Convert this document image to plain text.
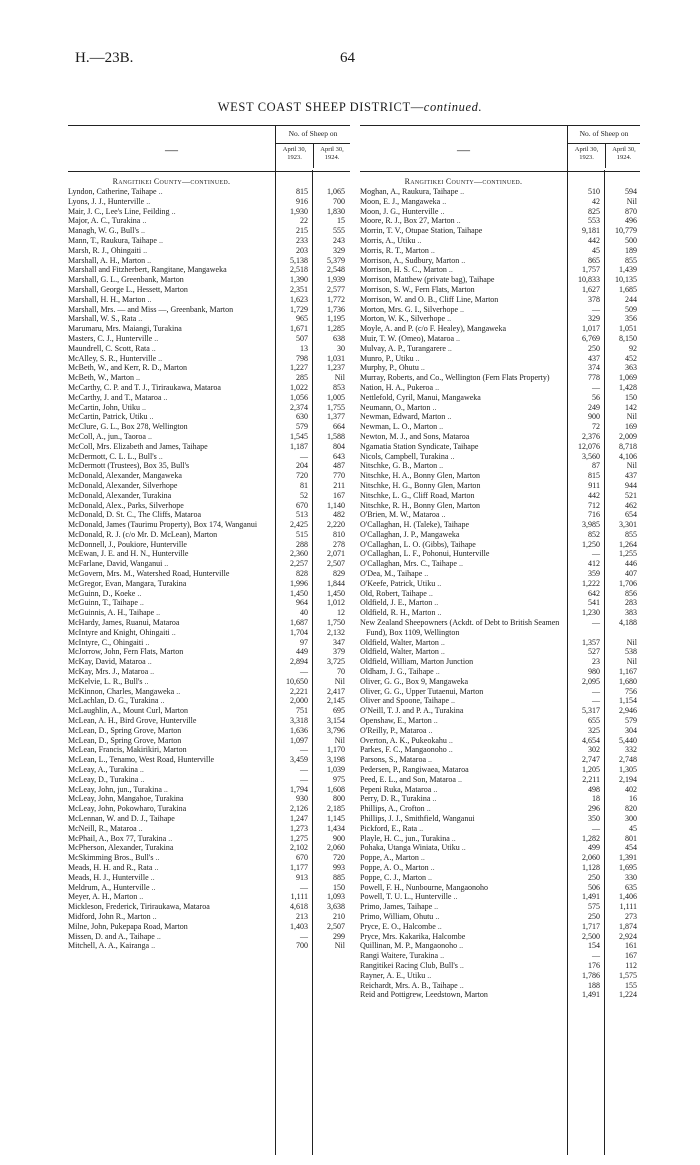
H.—23B.	64
WEST COAST SHEEP DISTRICT—continued.
—
No. of Sheep on
April 30,
1923.
April 30,
1924.
Rangitikei County—continued.
Lyndon, Catherine, Taihape ..	815	1,065
Lyons, J. J., Hunterville ..	916	700
Mair, J. C., Lee's Line, Feilding ..	1,930	1,830
Major, A. C., Turakina ..	22	15
Managh, W. G., Bull's ..	215	555
Mann, T., Raukura, Taihape ..	233	243
Marsh, R. J., Ohingaiti ..	203	329
Marshall, A. H., Marton ..	5,138	5,379
Marshall and Fitzherbert, Rangitane, Mangaweka	2,518	2,548
Marshall, G. L., Greenbank, Marton	1,390	1,939
Marshall, George L., Hessett, Marton	2,351	2,577
Marshall, H. H., Marton ..	1,623	1,772
Marshall, Mrs. — and Miss —, Greenbank, Marton	1,729	1,736
Marshall, W. S., Rata ..	965	1,195
Marumaru, Mrs. Maiangi, Turakina	1,671	1,285
Masters, C. J., Hunterville ..	507	638
Maundrell, C. Scott, Rata ..	13	30
McAlley, S. R., Hunterville ..	798	1,031
McBeth, W., and Kerr, R. D., Marton	1,227	1,237
McBeth, W., Marton ..	285	Nil
McCarthy, C. P. and T. J., Tiriraukawa, Mataroa	1,022	853
McCarthy, J. and T., Mataroa ..	1,056	1,005
McCartin, John, Utiku ..	2,374	1,755
McCartin, Patrick, Utiku ..	630	1,377
McClure, G. L., Box 278, Wellington	579	664
McColl, A., jun., Taoroa ..	1,545	1,588
McColl, Mrs. Elizabeth and James, Taihape	1,187	804
McDermott, C. L. L., Bull's ..	—	643
McDermott (Trustees), Box 35, Bull's	204	487
McDonald, Alexander, Mangaweka	720	770
McDonald, Alexander, Silverhope	81	211
McDonald, Alexander, Turakina	52	167
McDonald, Alex., Parks, Silverhope	670	1,140
McDonald, D. St. C., The Cliffs, Mataroa	513	482
McDonald, James (Taurimu Property), Box 174, Wanganui	2,425	2,220
McDonald, R. J. (c/o Mr. D. McLean), Marton	515	810
McDonnell, J., Poukiore, Hunterville	288	278
McEwan, J. E. and H. N., Hunterville	2,360	2,071
McFarlane, David, Wanganui ..	2,257	2,507
McGovern, Mrs. M., Watershed Road, Hunterville	828	829
McGregor, Evan, Mangara, Turakina	1,996	1,844
McGuinn, D., Koeke ..	1,450	1,450
McGuinn, T., Taihape ..	964	1,012
McGuinnis, A. H., Taihape ..	40	12
McHardy, James, Ruanui, Mataroa	1,687	1,750
McIntyre and Knight, Ohingaiti ..	1,704	2,132
McIntyre, C., Ohingaiti ..	97	347
McJorrow, John, Fern Flats, Marton	449	379
McKay, David, Mataroa ..	2,894	3,725
McKay, Mrs. J., Mataroa ..	—	70
McKelvie, L. R., Bull's ..	10,650	Nil
McKinnon, Charles, Mangaweka ..	2,221	2,417
McLachlan, D. G., Turakina ..	2,000	2,145
McLaughlin, A., Mount Curl, Marton	751	695
McLean, A. H., Bird Grove, Hunterville	3,318	3,154
McLean, D., Spring Grove, Marton	1,636	3,796
McLean, D., Spring Grove, Marton	1,097	Nil
McLean, Francis, Makirikiri, Marton	—	1,170
McLean, L., Tenamo, West Road, Hunterville	3,459	3,198
McLeay, A., Turakina ..	—	1,039
McLeay, D., Turakina ..	—	975
McLeay, John, jun., Turakina ..	1,794	1,608
McLeay, John, Mangahoe, Turakina	930	800
McLeay, John, Pokowharo, Turakina	2,126	2,185
McLennan, W. and D. J., Taihape	1,247	1,145
McNeill, R., Mataroa ..	1,273	1,434
McPhail, A., Box 77, Turakina ..	1,275	900
McPherson, Alexander, Turakina	2,102	2,060
McSkimming Bros., Bull's ..	670	720
Meads, H. H. and R., Rata ..	1,177	993
Meads, H. J., Hunterville ..	913	885
Meldrum, A., Hunterville ..	—	150
Meyer, A. H., Marton ..	1,111	1,093
Mickleson, Frederick, Tiriraukawa, Mataroa	4,618	3,638
Midford, John R., Marton ..	213	210
Milne, John, Pukepapa Road, Marton	1,403	2,507
Missen, D. and A., Taihape ..	—	299
Mitchell, A. A., Kairanga ..	700	Nil
—
No. of Sheep on
April 30,
1923.
April 30,
1924.
Rangitikei County—continued.
Moghan, A., Raukura, Taihape ..	510	594
Moon, E. J., Mangaweka ..	42	Nil
Moon, J. G., Hunterville ..	825	870
Moore, R. J., Box 27, Marton ..	553	496
Morrin, T. V., Otupae Station, Taihape	9,181	10,779
Morris, A., Utiku ..	442	500
Morris, R. T., Marton ..	45	189
Morrison, A., Sudbury, Marton ..	865	855
Morrison, H. S. C., Marton ..	1,757	1,439
Morrison, Matthew (private bag), Taihape	10,833	10,135
Morrison, S. W., Fern Flats, Marton	1,627	1,685
Morrison, W. and O. B., Cliff Line, Marton	378	244
Morton, Mrs. G. I., Silverhope ..	—	509
Morton, W. K., Silverhope ..	329	356
Moyle, A. and P. (c/o F. Healey), Mangaweka	1,017	1,051
Muir, T. W. (Omeo), Mataroa ..	6,769	8,150
Mulvay, A. P., Turangarere ..	250	92
Munro, P., Utiku ..	437	452
Murphy, P., Ohutu ..	374	363
Murray, Roberts, and Co., Wellington (Fern Flats Property)	778	1,069
Nation, H. A., Pukeroa ..	—	1,428
Nettlefold, Cyril, Manui, Mangaweka	56	150
Neumann, O., Marton ..	249	142
Newman, Edward, Marton ..	900	Nil
Newman, L. O., Marton ..	72	169
Newton, M. J., and Sons, Mataroa	2,376	2,009
Ngamatia Station Syndicate, Taihape	12,076	8,718
Nicols, Campbell, Turakina ..	3,560	4,106
Nitschke, G. B., Marton ..	87	Nil
Nitschke, H. A., Bonny Glen, Marton	815	437
Nitschke, H. G., Bonny Glen, Marton	911	944
Nitschke, L. G., Cliff Road, Marton	442	521
Nitschke, R. H., Bonny Glen, Marton	712	462
O'Brien, M. W., Mataroa ..	716	654
O'Callaghan, H. (Taleke), Taihape	3,985	3,301
O'Callaghan, J. P., Mangaweka	852	855
O'Callaghan, L. O. (Gibbs), Taihape	1,250	1,264
O'Callaghan, L. F., Pohonui, Hunterville	—	1,255
O'Callaghan, Mrs. C., Taihape ..	412	446
O'Dea, M., Taihape ..	359	407
O'Keefe, Patrick, Utiku ..	1,222	1,706
Old, Robert, Taihape ..	642	856
Oldfield, J. E., Marton ..	541	283
Oldfield, R. H., Marton ..	1,230	383
New Zealand Sheepowners (Ackdt. of Debt to British Seamen Fund), Box 1109, Wellington
—	4,188
Oldfield, Walter, Marton ..	1,357	Nil
Oldfield, Walter, Marton ..	527	538
Oldfield, William, Marton Junction	23	Nil
Oldham, J. G., Taihape ..	980	1,167
Oliver, G. G., Box 9, Mangaweka	2,095	1,680
Oliver, G. G., Upper Tutaenui, Marton	—	756
Oliver and Spoone, Taihape ..	—	1,154
O'Neill, T. J. and P. A., Turakina	5,317	2,946
Openshaw, E., Marton ..	655	579
O'Reilly, P., Mataroa ..	325	304
Overton, A. K., Pukeokahu ..	4,654	5,440
Parkes, F. C., Mangaonoho ..	302	332
Parsons, S., Mataroa ..	2,747	2,748
Pedersen, P., Rangiwaea, Mataroa	1,205	1,305
Peed, E. L., and Son, Mataroa ..	2,211	2,194
Pepeni Ruka, Mataroa ..	498	402
Perry, D. R., Turakina ..	18	16
Phillips, A., Crofton ..	296	820
Phillips, J. J., Smithfield, Wanganui	350	300
Pickford, E., Rata ..	—	45
Playle, H. C., jun., Turakina ..	1,282	801
Pohaka, Utanga Winiata, Utiku ..	499	454
Poppe, A., Marton ..	2,060	1,391
Poppe, A. O., Marton ..	1,128	1,695
Poppe, C. J., Marton ..	250	330
Powell, F. H., Nunbourne, Mangaonoho	506	635
Powell, T. U. L., Hunterville ..	1,491	1,406
Primo, James, Taihape ..	575	1,111
Primo, William, Ohutu ..	250	273
Pryce, E. O., Halcombe ..	1,717	1,874
Pryce, Mrs. Kakarika, Halcombe	2,500	2,924
Quillinan, M. P., Mangaonoho ..	154	161
Rangi Waitere, Turakina ..	—	167
Rangitikei Racing Club, Bull's ..	176	112
Rayner, A. E., Utiku ..	1,786	1,575
Reichardt, Mrs. A. B., Taihape ..	188	155
Reid and Pottigrew, Leedstown, Marton	1,491	1,224
